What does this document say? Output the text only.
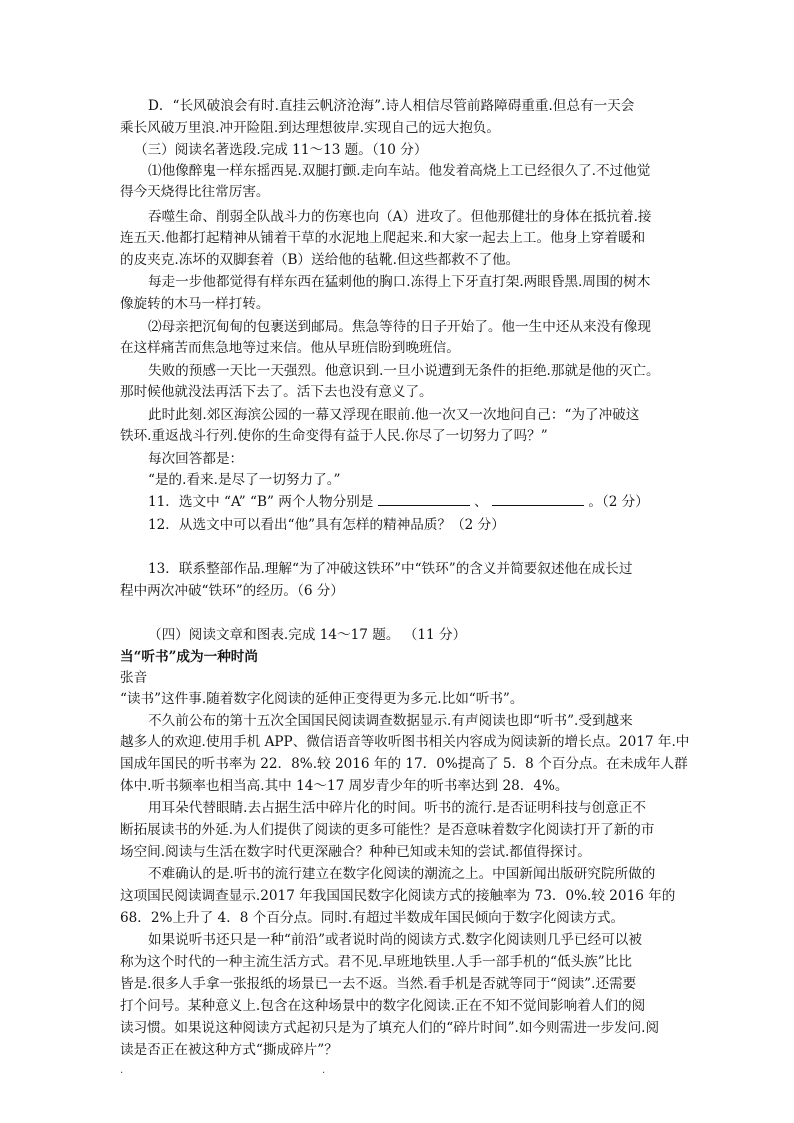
D．“长风破浪会有时.直挂云帆济沧海”.诗人相信尽管前路障碍重重.但总有一天会
乘长风破万里浪.冲开险阻.到达理想彼岸.实现自己的远大抱负。
（三）阅读名著选段.完成 11～13 题。（10 分）
⑴他像醉鬼一样东摇西晃.双腿打颤.走向车站。他发着高烧上工已经很久了.不过他觉
得今天烧得比往常厉害。
吞噬生命、削弱全队战斗力的伤寒也向（A）进攻了。但他那健壮的身体在抵抗着.接
连五天.他都打起精神从铺着干草的水泥地上爬起来.和大家一起去上工。他身上穿着暖和
的皮夹克.冻坏的双脚套着（B）送给他的毡靴.但这些都救不了他。
每走一步他都觉得有样东西在猛刺他的胸口.冻得上下牙直打架.两眼昏黑.周围的树木
像旋转的木马一样打转。
⑵母亲把沉甸甸的包裹送到邮局。焦急等待的日子开始了。他一生中还从来没有像现
在这样痛苦而焦急地等过来信。他从早班信盼到晚班信。
失败的预感一天比一天强烈。他意识到.一旦小说遭到无条件的拒绝.那就是他的灭亡。
那时候他就没法再活下去了。活下去也没有意义了。
此时此刻.郊区海滨公园的一幕又浮现在眼前.他一次又一次地问自己：“为了冲破这
铁环.重返战斗行列.使你的生命变得有益于人民.你尽了一切努力了吗？”
每次回答都是：
“是的.看来.是尽了一切努力了。”
11．选文中 “A” “B” 两个人物分别是	、	。（2 分）
12．从选文中可以看出“他”具有怎样的精神品质？（2 分）
13．联系整部作品.理解“为了冲破这铁环”中“铁环”的含义并简要叙述他在成长过
程中两次冲破“铁环”的经历。（6 分）
（四）阅读文章和图表.完成 14～17 题。 （11 分）
当“听书”成为一种时尚
张音
“读书”这件事.随着数字化阅读的延伸正变得更为多元.比如“听书”。
不久前公布的第十五次全国国民阅读调查数据显示.有声阅读也即“听书”.受到越来
越多人的欢迎.使用手机 APP、微信语音等收听图书相关内容成为阅读新的增长点。2017 年.中
国成年国民的听书率为 22．8%.较 2016 年的 17．0%提高了 5．8 个百分点。在未成年人群
体中.听书频率也相当高.其中 14～17 周岁青少年的听书率达到 28．4%。
用耳朵代替眼睛.去占据生活中碎片化的时间。听书的流行.是否证明科技与创意正不
断拓展读书的外延.为人们提供了阅读的更多可能性？是否意味着数字化阅读打开了新的市
场空间.阅读与生活在数字时代更深融合？种种已知或未知的尝试.都值得探讨。
不难确认的是.听书的流行建立在数字化阅读的潮流之上。中国新闻出版研究院所做的
这项国民阅读调查显示.2017 年我国国民数字化阅读方式的接触率为 73．0%.较 2016 年的
68．2%上升了 4．8 个百分点。同时.有超过半数成年国民倾向于数字化阅读方式。
如果说听书还只是一种“前沿”或者说时尚的阅读方式.数字化阅读则几乎已经可以被
称为这个时代的一种主流生活方式。君不见.早班地铁里.人手一部手机的“低头族”比比
皆是.很多人手拿一张报纸的场景已一去不返。当然.看手机是否就等同于“阅读”.还需要
打个问号。某种意义上.包含在这种场景中的数字化阅读.正在不知不觉间影响着人们的阅
读习惯。如果说这种阅读方式起初只是为了填充人们的“碎片时间”.如今则需进一步发问.阅
读是否正在被这种方式“撕成碎片”？
.	.
